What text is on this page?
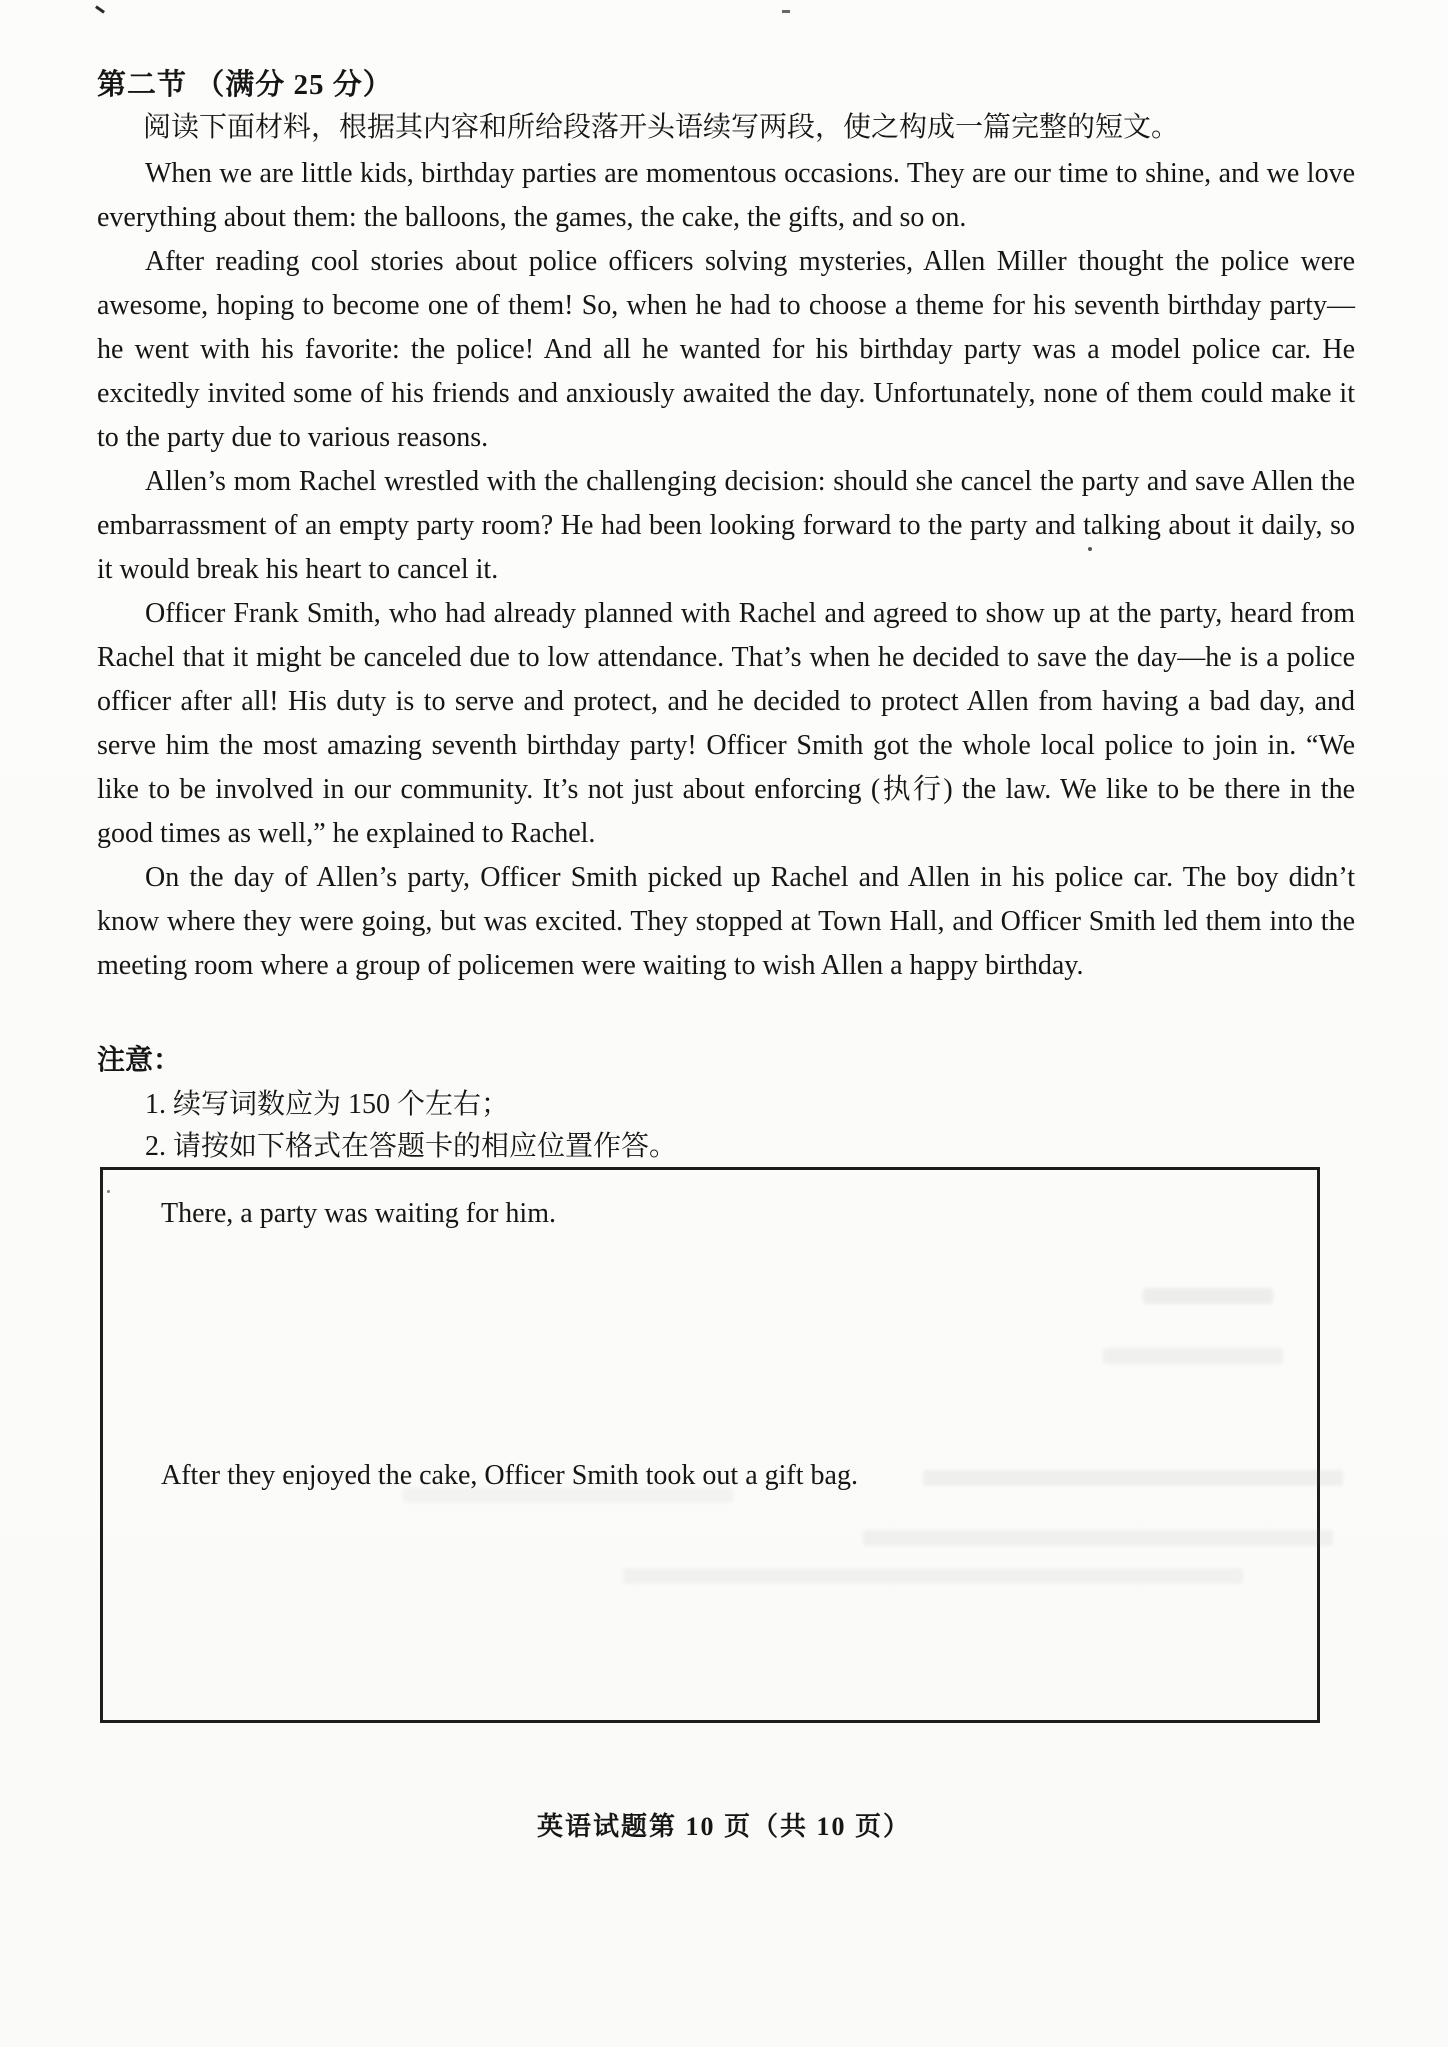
第二节 （满分 25 分）

阅读下面材料，根据其内容和所给段落开头语续写两段，使之构成一篇完整的短文。

When we are little kids, birthday parties are momentous occasions. They are our time to shine, and we love everything about them: the balloons, the games, the cake, the gifts, and so on.

After reading cool stories about police officers solving mysteries, Allen Miller thought the police were awesome, hoping to become one of them! So, when he had to choose a theme for his seventh birthday party—he went with his favorite: the police! And all he wanted for his birthday party was a model police car. He excitedly invited some of his friends and anxiously awaited the day. Unfortunately, none of them could make it to the party due to various reasons.

Allen’s mom Rachel wrestled with the challenging decision: should she cancel the party and save Allen the embarrassment of an empty party room? He had been looking forward to the party and talking about it daily, so it would break his heart to cancel it.

Officer Frank Smith, who had already planned with Rachel and agreed to show up at the party, heard from Rachel that it might be canceled due to low attendance. That’s when he decided to save the day—he is a police officer after all! His duty is to serve and protect, and he decided to protect Allen from having a bad day, and serve him the most amazing seventh birthday party! Officer Smith got the whole local police to join in. “We like to be involved in our community. It’s not just about enforcing (执行) the law. We like to be there in the good times as well,” he explained to Rachel.

On the day of Allen’s party, Officer Smith picked up Rachel and Allen in his police car. The boy didn’t know where they were going, but was excited. They stopped at Town Hall, and Officer Smith led them into the meeting room where a group of policemen were waiting to wish Allen a happy birthday.

注意：
1. 续写词数应为 150 个左右；
2. 请按如下格式在答题卡的相应位置作答。

There, a party was waiting for him.

After they enjoyed the cake, Officer Smith took out a gift bag.

英语试题第 10 页（共 10 页）
